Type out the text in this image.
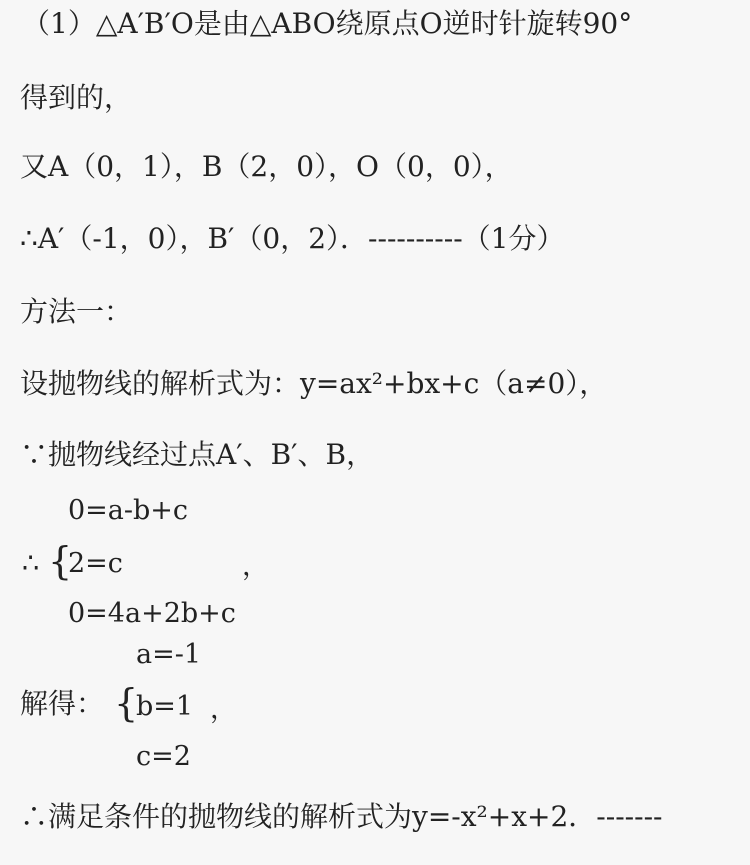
（1）△A′B′O是由△ABO绕原点O逆时针旋转90°
得到的，
又A（0，1），B（2，0），O（0，0），
∴A′（-1，0），B′（0，2）．----------（1分）
方法一：
设抛物线的解析式为：y=ax²+bx+c（a≠0），
∵抛物线经过点A′、B′、B，
∴ {
0=a-b+c
2=c
0=4a+2b+c
，
a=-1
解得： {
b=1
c=2
，
∴满足条件的抛物线的解析式为y=-x²+x+2．-------
